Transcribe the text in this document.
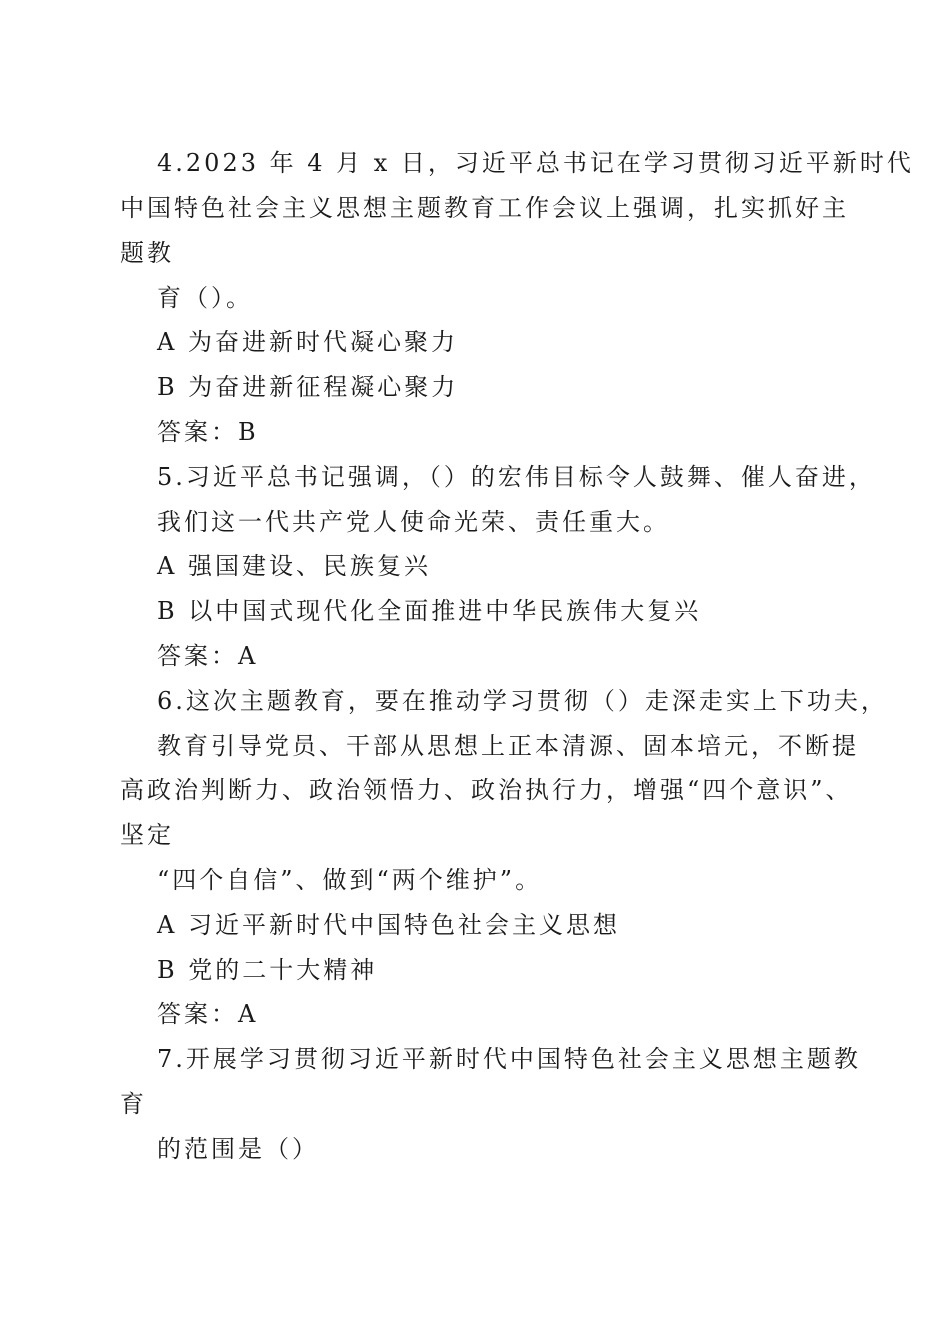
4.2023 年 4 月 x 日，习近平总书记在学习贯彻习近平新时代
中国特色社会主义思想主题教育工作会议上强调，扎实抓好主
题教
育（）。
A 为奋进新时代凝心聚力
B 为奋进新征程凝心聚力
答案：B
5.习近平总书记强调，（）的宏伟目标令人鼓舞、催人奋进，
我们这一代共产党人使命光荣、责任重大。
A 强国建设、民族复兴
B 以中国式现代化全面推进中华民族伟大复兴
答案：A
6.这次主题教育，要在推动学习贯彻（）走深走实上下功夫，
教育引导党员、干部从思想上正本清源、固本培元，不断提
高政治判断力、政治领悟力、政治执行力，增强“四个意识”、
坚定
“四个自信”、做到“两个维护”。
A 习近平新时代中国特色社会主义思想
B 党的二十大精神
答案：A
7.开展学习贯彻习近平新时代中国特色社会主义思想主题教
育
的范围是（）
